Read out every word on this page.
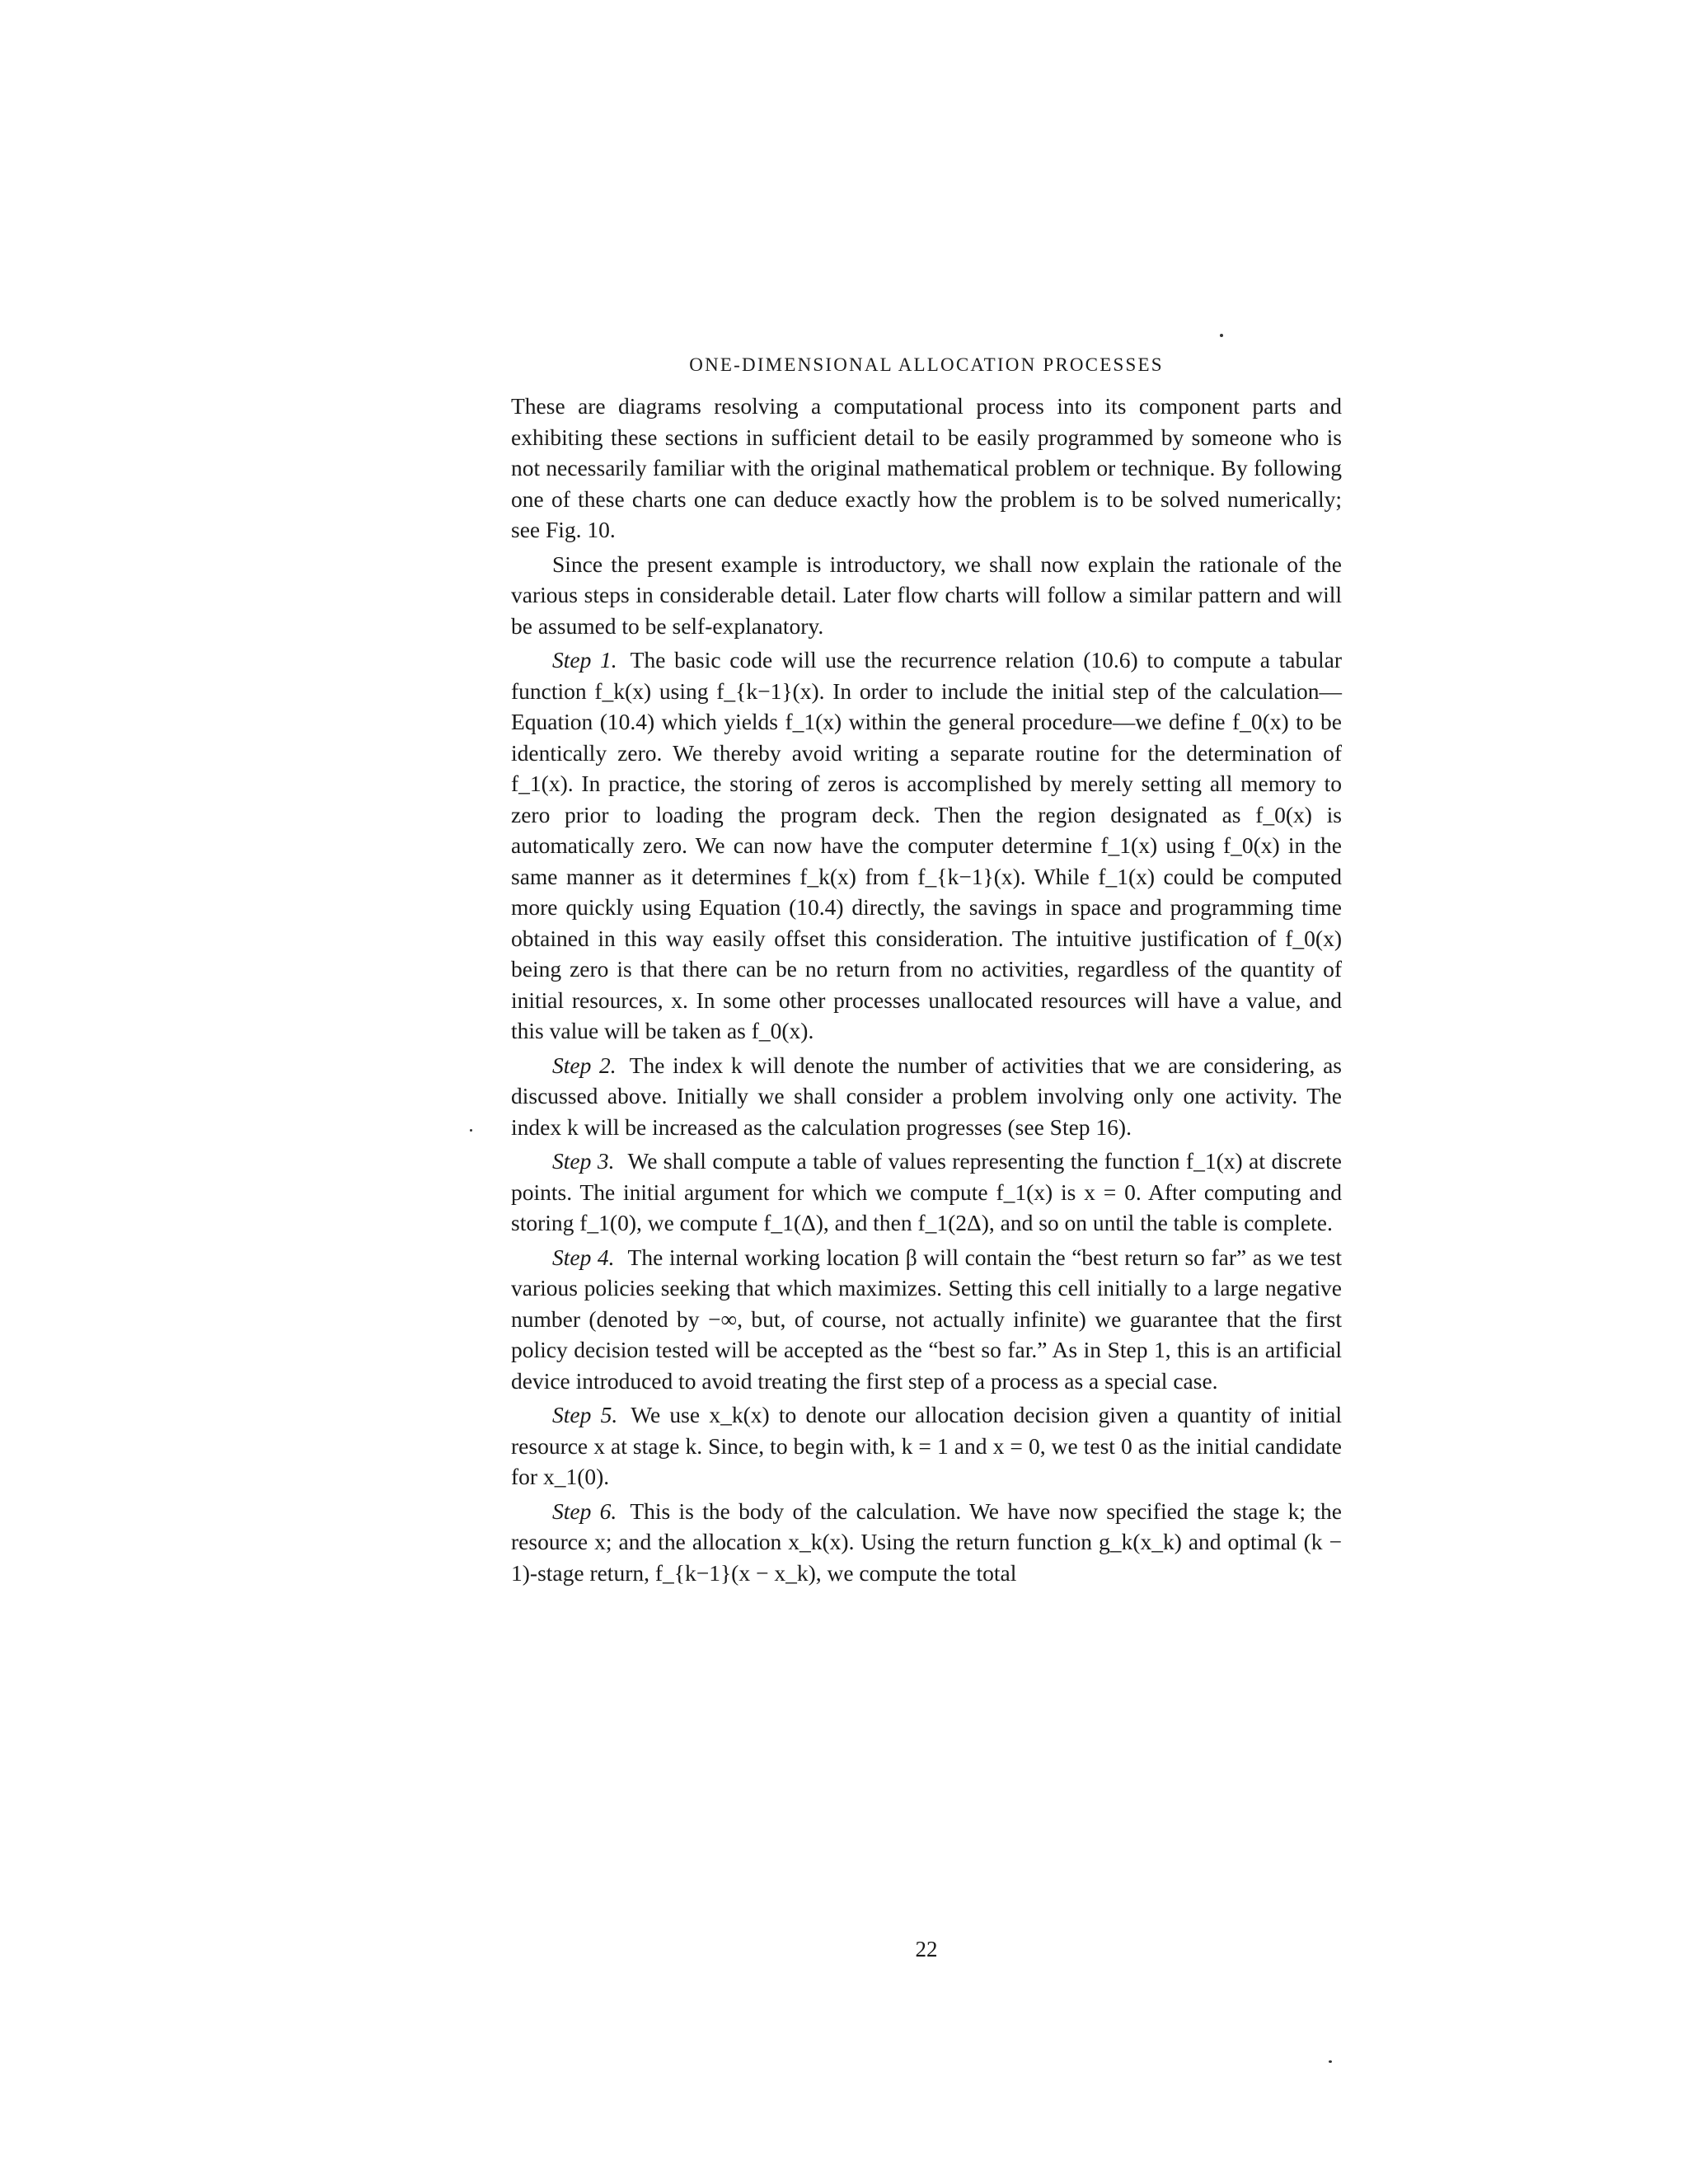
ONE-DIMENSIONAL ALLOCATION PROCESSES

These are diagrams resolving a computational process into its component parts and exhibiting these sections in sufficient detail to be easily programmed by someone who is not necessarily familiar with the original mathematical problem or technique. By following one of these charts one can deduce exactly how the problem is to be solved numerically; see Fig. 10.

Since the present example is introductory, we shall now explain the rationale of the various steps in considerable detail. Later flow charts will follow a similar pattern and will be assumed to be self-explanatory.

Step 1. The basic code will use the recurrence relation (10.6) to compute a tabular function f_k(x) using f_{k−1}(x). In order to include the initial step of the calculation—Equation (10.4) which yields f_1(x) within the general procedure—we define f_0(x) to be identically zero. We thereby avoid writing a separate routine for the determination of f_1(x). In practice, the storing of zeros is accomplished by merely setting all memory to zero prior to loading the program deck. Then the region designated as f_0(x) is automatically zero. We can now have the computer determine f_1(x) using f_0(x) in the same manner as it determines f_k(x) from f_{k−1}(x). While f_1(x) could be computed more quickly using Equation (10.4) directly, the savings in space and programming time obtained in this way easily offset this consideration. The intuitive justification of f_0(x) being zero is that there can be no return from no activities, regardless of the quantity of initial resources, x. In some other processes unallocated resources will have a value, and this value will be taken as f_0(x).

Step 2. The index k will denote the number of activities that we are considering, as discussed above. Initially we shall consider a problem involving only one activity. The index k will be increased as the calculation progresses (see Step 16).

Step 3. We shall compute a table of values representing the function f_1(x) at discrete points. The initial argument for which we compute f_1(x) is x = 0. After computing and storing f_1(0), we compute f_1(Δ), and then f_1(2Δ), and so on until the table is complete.

Step 4. The internal working location β will contain the “best return so far” as we test various policies seeking that which maximizes. Setting this cell initially to a large negative number (denoted by −∞, but, of course, not actually infinite) we guarantee that the first policy decision tested will be accepted as the “best so far.” As in Step 1, this is an artificial device introduced to avoid treating the first step of a process as a special case.

Step 5. We use x_k(x) to denote our allocation decision given a quantity of initial resource x at stage k. Since, to begin with, k = 1 and x = 0, we test 0 as the initial candidate for x_1(0).

Step 6. This is the body of the calculation. We have now specified the stage k; the resource x; and the allocation x_k(x). Using the return function g_k(x_k) and optimal (k − 1)-stage return, f_{k−1}(x − x_k), we compute the total

22
